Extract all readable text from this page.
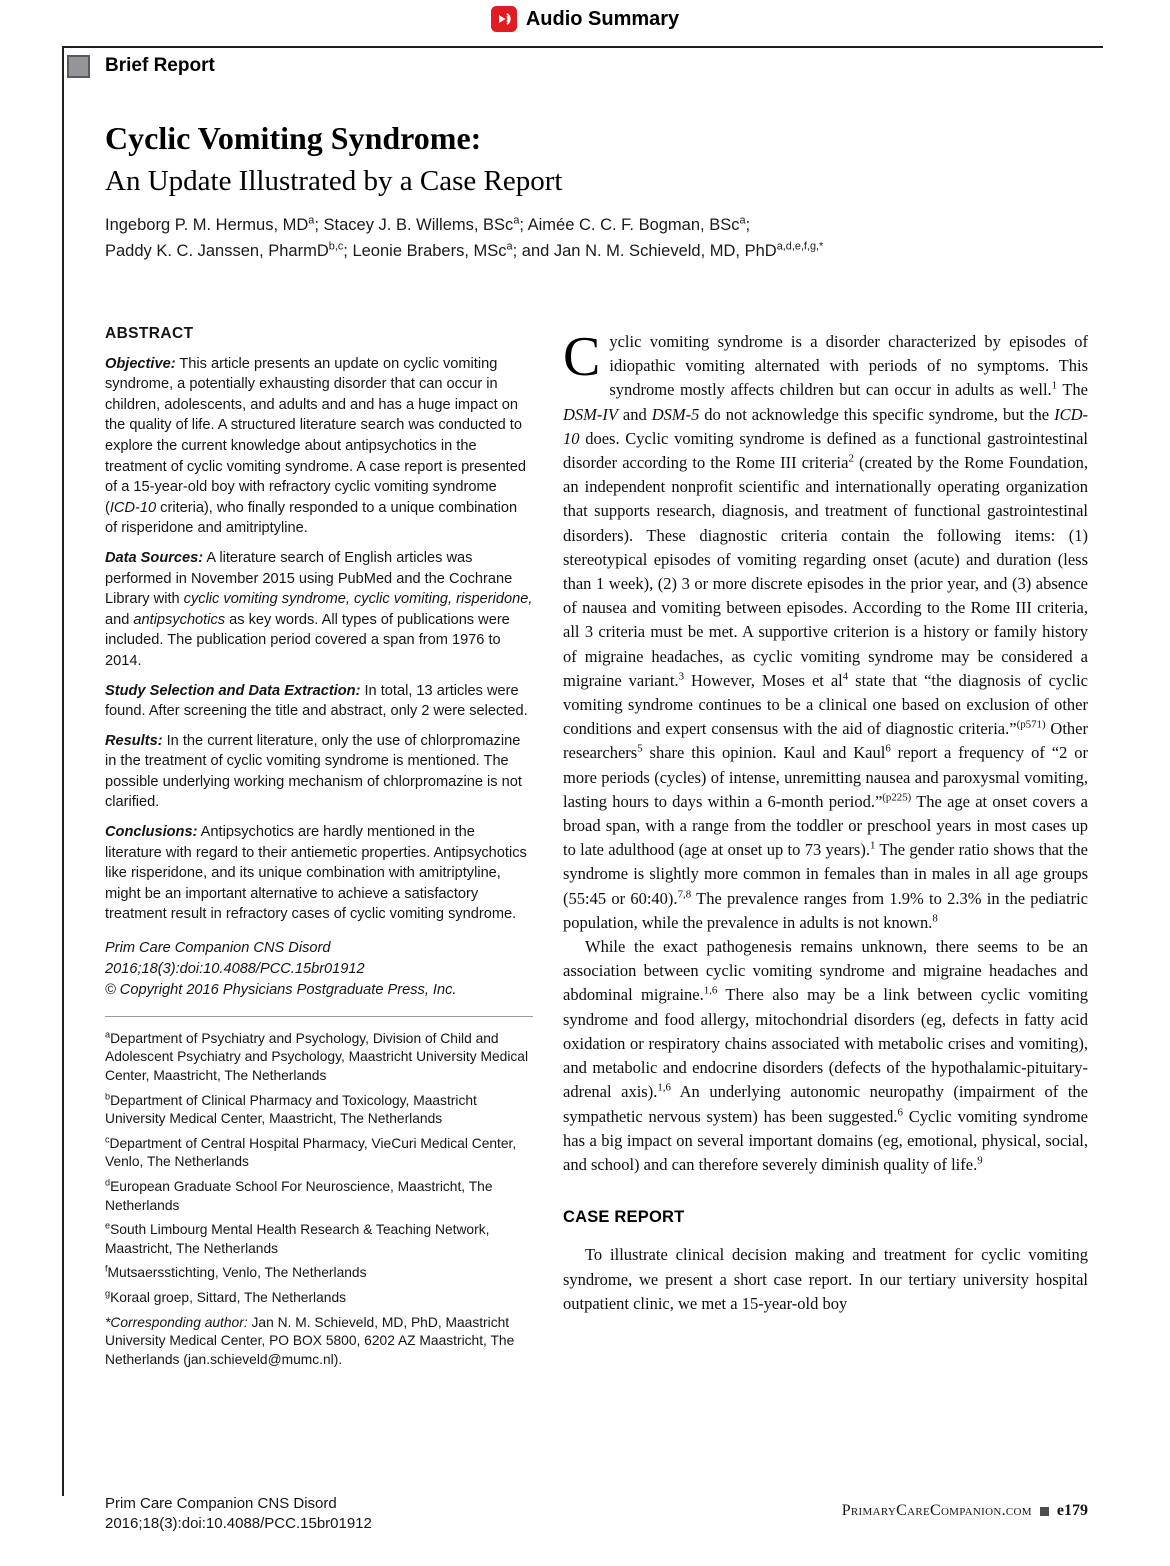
Audio Summary
Brief Report
Cyclic Vomiting Syndrome:
An Update Illustrated by a Case Report
Ingeborg P. M. Hermus, $MD^a$; Stacey J. B. Willems, BSc$^a$; Aimée C. C. F. Bogman, BSc$^a$;
Paddy K. C. Janssen, PharmD$^{b,c}$; Leonie Brabers, MSc$^a$; and Jan N. M. Schieveld, MD, PhD$^{a,d,e,f,g,*}$
ABSTRACT

Objective: This article presents an update on cyclic vomiting syndrome, a potentially exhausting disorder that can occur in children, adolescents, and adults and and has a huge impact on the quality of life. A structured literature search was conducted to explore the current knowledge about antipsychotics in the treatment of cyclic vomiting syndrome. A case report is presented of a 15-year-old boy with refractory cyclic vomiting syndrome (ICD-10 criteria), who finally responded to a unique combination of risperidone and amitriptyline.

Data Sources: A literature search of English articles was performed in November 2015 using PubMed and the Cochrane Library with cyclic vomiting syndrome, cyclic vomiting, risperidone, and antipsychotics as key words. All types of publications were included. The publication period covered a span from 1976 to 2014.

Study Selection and Data Extraction: In total, 13 articles were found. After screening the title and abstract, only 2 were selected.

Results: In the current literature, only the use of chlorpromazine in the treatment of cyclic vomiting syndrome is mentioned. The possible underlying working mechanism of chlorpromazine is not clarified.

Conclusions: Antipsychotics are hardly mentioned in the literature with regard to their antiemetic properties. Antipsychotics like risperidone, and its unique combination with amitriptyline, might be an important alternative to achieve a satisfactory treatment result in refractory cases of cyclic vomiting syndrome.

Prim Care Companion CNS Disord
2016;18(3):doi:10.4088/PCC.15br01912
© Copyright 2016 Physicians Postgraduate Press, Inc.
$^a$Department of Psychiatry and Psychology, Division of Child and Adolescent Psychiatry and Psychology, Maastricht University Medical Center, Maastricht, The Netherlands
$^b$Department of Clinical Pharmacy and Toxicology, Maastricht University Medical Center, Maastricht, The Netherlands
$^c$Department of Central Hospital Pharmacy, VieCuri Medical Center, Venlo, The Netherlands
$^d$European Graduate School For Neuroscience, Maastricht, The Netherlands
$^e$South Limbourg Mental Health Research & Teaching Network, Maastricht, The Netherlands
$^f$Mutsaersstichting, Venlo, The Netherlands
$^g$Koraal groep, Sittard, The Netherlands
*Corresponding author: Jan N. M. Schieveld, MD, PhD, Maastricht University Medical Center, PO BOX 5800, 6202 AZ Maastricht, The Netherlands (jan.schieveld@mumc.nl).

Cyclic vomiting syndrome is a disorder characterized by episodes of idiopathic vomiting alternated with periods of no symptoms. This syndrome mostly affects children but can occur in adults as well.$^1$ The DSM-IV and DSM-5 do not acknowledge this specific syndrome, but the ICD-10 does. Cyclic vomiting syndrome is defined as a functional gastrointestinal disorder according to the Rome III criteria$^2$ (created by the Rome Foundation, an independent nonprofit scientific and internationally operating organization that supports research, diagnosis, and treatment of functional gastrointestinal disorders). These diagnostic criteria contain the following items: (1) stereotypical episodes of vomiting regarding onset (acute) and duration (less than 1 week), (2) 3 or more discrete episodes in the prior year, and (3) absence of nausea and vomiting between episodes. According to the Rome III criteria, all 3 criteria must be met. A supportive criterion is a history or family history of migraine headaches, as cyclic vomiting syndrome may be considered a migraine variant.$^3$ However, Moses et $al^4$ state that “the diagnosis of cyclic vomiting syndrome continues to be a clinical one based on exclusion of other conditions and expert consensus with the aid of diagnostic criteria.”$^{(p571)}$ Other researchers$^5$ share this opinion. Kaul and Kaul$^6$ report a frequency of “2 or more periods (cycles) of intense, unremitting nausea and paroxysmal vomiting, lasting hours to days within a 6-month period.”$^{(p225)}$ The age at onset covers a broad span, with a range from the toddler or preschool years in most cases up to late adulthood (age at onset up to 73 years).$^1$ The gender ratio shows that the syndrome is slightly more common in females than in males in all age groups (55:45 or 60:40).$^{7,8}$ The prevalence ranges from 1.9% to 2.3% in the pediatric population, while the prevalence in adults is not known.$^8$

While the exact pathogenesis remains unknown, there seems to be an association between cyclic vomiting syndrome and migraine headaches and abdominal migraine.$^{1,6}$ There also may be a link between cyclic vomiting syndrome and food allergy, mitochondrial disorders (eg, defects in fatty acid oxidation or respiratory chains associated with metabolic crises and vomiting), and metabolic and endocrine disorders (defects of the hypothalamic-pituitary-adrenal axis).$^{1,6}$ An underlying autonomic neuropathy (impairment of the sympathetic nervous system) has been suggested.$^6$ Cyclic vomiting syndrome has a big impact on several important domains (eg, emotional, physical, social, and school) and can therefore severely diminish quality of life.$^9$

CASE REPORT

To illustrate clinical decision making and treatment for cyclic vomiting syndrome, we present a short case report. In our tertiary university hospital outpatient clinic, we met a 15-year-old boy

Prim Care Companion CNS Disord
2016;18(3):doi:10.4088/PCC.15br01912
PrimaryCareCompanion.com e179
